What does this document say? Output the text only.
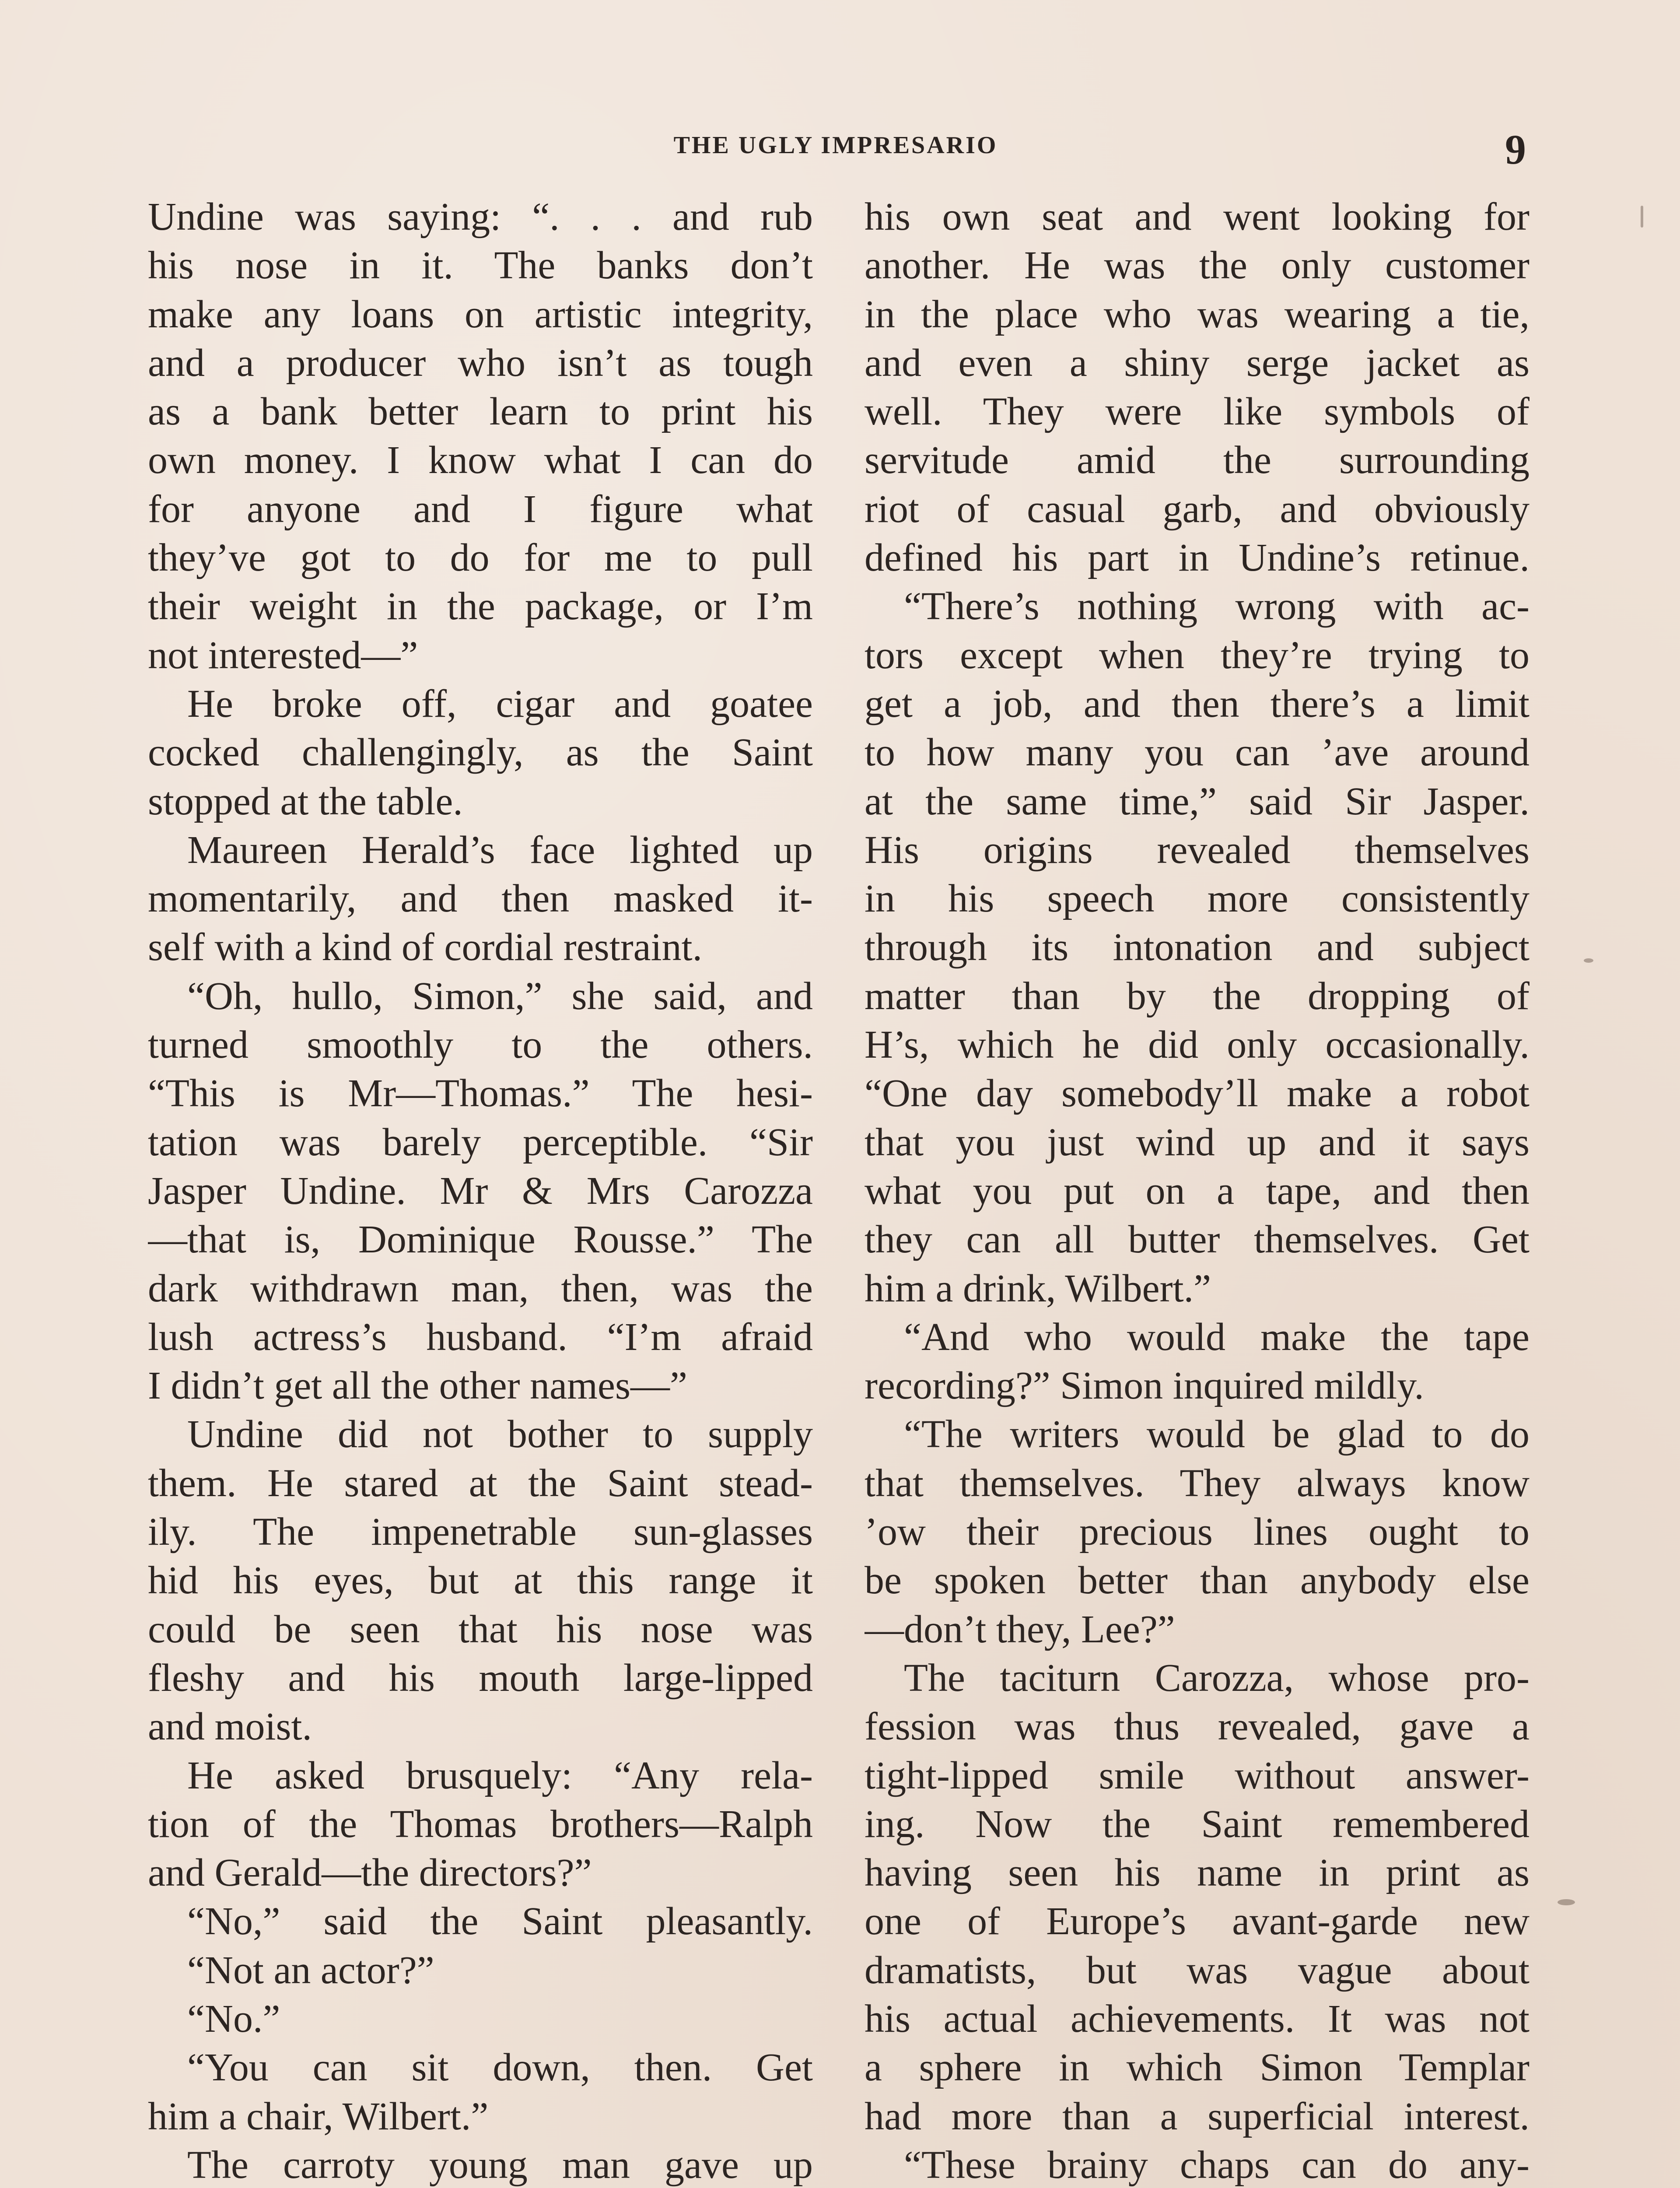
THE UGLY IMPRESARIO	9
Undine was saying: “. . . and rub
his nose in it. The banks don’t
make any loans on artistic integrity,
and a producer who isn’t as tough
as a bank better learn to print his
own money. I know what I can do
for anyone and I figure what
they’ve got to do for me to pull
their weight in the package, or I’m
not interested—”
He broke off, cigar and goatee
cocked challengingly, as the Saint
stopped at the table.
Maureen Herald’s face lighted up
momentarily, and then masked it-
self with a kind of cordial restraint.
“Oh, hullo, Simon,” she said, and
turned smoothly to the others.
“This is Mr—Thomas.” The hesi-
tation was barely perceptible. “Sir
Jasper Undine. Mr & Mrs Carozza
—that is, Dominique Rousse.” The
dark withdrawn man, then, was the
lush actress’s husband. “I’m afraid
I didn’t get all the other names—”
Undine did not bother to supply
them. He stared at the Saint stead-
ily. The impenetrable sun-glasses
hid his eyes, but at this range it
could be seen that his nose was
fleshy and his mouth large-lipped
and moist.
He asked brusquely: “Any rela-
tion of the Thomas brothers—Ralph
and Gerald—the directors?”
“No,” said the Saint pleasantly.
“Not an actor?”
“No.”
“You can sit down, then. Get
him a chair, Wilbert.”
The carroty young man gave up
his own seat and went looking for
another. He was the only customer
in the place who was wearing a tie,
and even a shiny serge jacket as
well. They were like symbols of
servitude amid the surrounding
riot of casual garb, and obviously
defined his part in Undine’s retinue.
“There’s nothing wrong with ac-
tors except when they’re trying to
get a job, and then there’s a limit
to how many you can ’ave around
at the same time,” said Sir Jasper.
His origins revealed themselves
in his speech more consistently
through its intonation and subject
matter than by the dropping of
H’s, which he did only occasionally.
“One day somebody’ll make a robot
that you just wind up and it says
what you put on a tape, and then
they can all butter themselves. Get
him a drink, Wilbert.”
“And who would make the tape
recording?” Simon inquired mildly.
“The writers would be glad to do
that themselves. They always know
’ow their precious lines ought to
be spoken better than anybody else
—don’t they, Lee?”
The taciturn Carozza, whose pro-
fession was thus revealed, gave a
tight-lipped smile without answer-
ing. Now the Saint remembered
having seen his name in print as
one of Europe’s avant-garde new
dramatists, but was vague about
his actual achievements. It was not
a sphere in which Simon Templar
had more than a superficial interest.
“These brainy chaps can do any-
